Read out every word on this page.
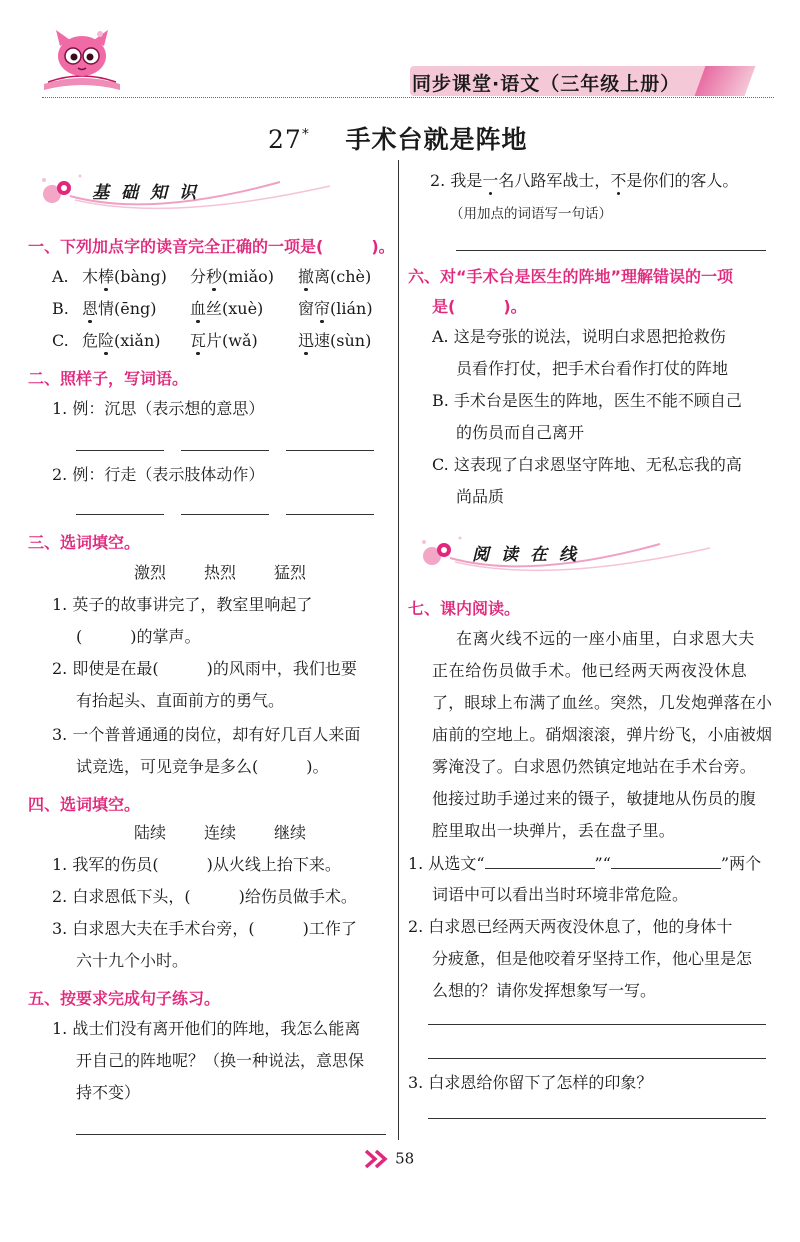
同步课堂·语文（三年级上册）
27* 手术台就是阵地
基础知识
一、下列加点字的读音完全正确的一项是(　　　)。
A. 木棒(bàng) 分秒(miǎo) 撤离(chè)
B. 恩情(ēng) 血丝(xuè) 窗帘(lián)
C. 危险(xiǎn) 瓦片(wǎ)	迅速(sùn)
二、照样子，写词语。
1. 例：沉思（表示想的意思）
2. 例：行走（表示肢体动作）
三、选词填空。
激烈 热烈 猛烈
1. 英子的故事讲完了，教室里响起了
(　　　)的掌声。
2. 即使是在最(　　　)的风雨中，我们也要
有抬起头、直面前方的勇气。
3. 一个普普通通的岗位，却有好几百人来面
试竞选，可见竞争是多么(　　　)。
四、选词填空。
陆续 连续 继续
1. 我军的伤员(　　　)从火线上抬下来。
2. 白求恩低下头，(　　　)给伤员做手术。
3. 白求恩大夫在手术台旁，(　　　)工作了
六十九个小时。
五、按要求完成句子练习。
1. 战士们没有离开他们的阵地，我怎么能离
开自己的阵地呢？（换一种说法，意思保
持不变）
2. 我是一名八路军战士，不是你们的客人。
（用加点的词语写一句话）
六、对“手术台是医生的阵地”理解错误的一项
是(　　　)。
A. 这是夸张的说法，说明白求恩把抢救伤
员看作打仗，把手术台看作打仗的阵地
B. 手术台是医生的阵地，医生不能不顾自己
的伤员而自己离开
C. 这表现了白求恩坚守阵地、无私忘我的高
尚品质
阅读在线
七、课内阅读。
在离火线不远的一座小庙里，白求恩大夫
正在给伤员做手术。他已经两天两夜没休息
了，眼球上布满了血丝。突然，几发炮弹落在小
庙前的空地上。硝烟滚滚，弹片纷飞，小庙被烟
雾淹没了。白求恩仍然镇定地站在手术台旁。
他接过助手递过来的镊子，敏捷地从伤员的腹
腔里取出一块弹片，丢在盘子里。
1. 从选文“	”“	”两个
词语中可以看出当时环境非常危险。
2. 白求恩已经两天两夜没休息了，他的身体十
分疲惫，但是他咬着牙坚持工作，他心里是怎
么想的？请你发挥想象写一写。
3. 白求恩给你留下了怎样的印象？
58
